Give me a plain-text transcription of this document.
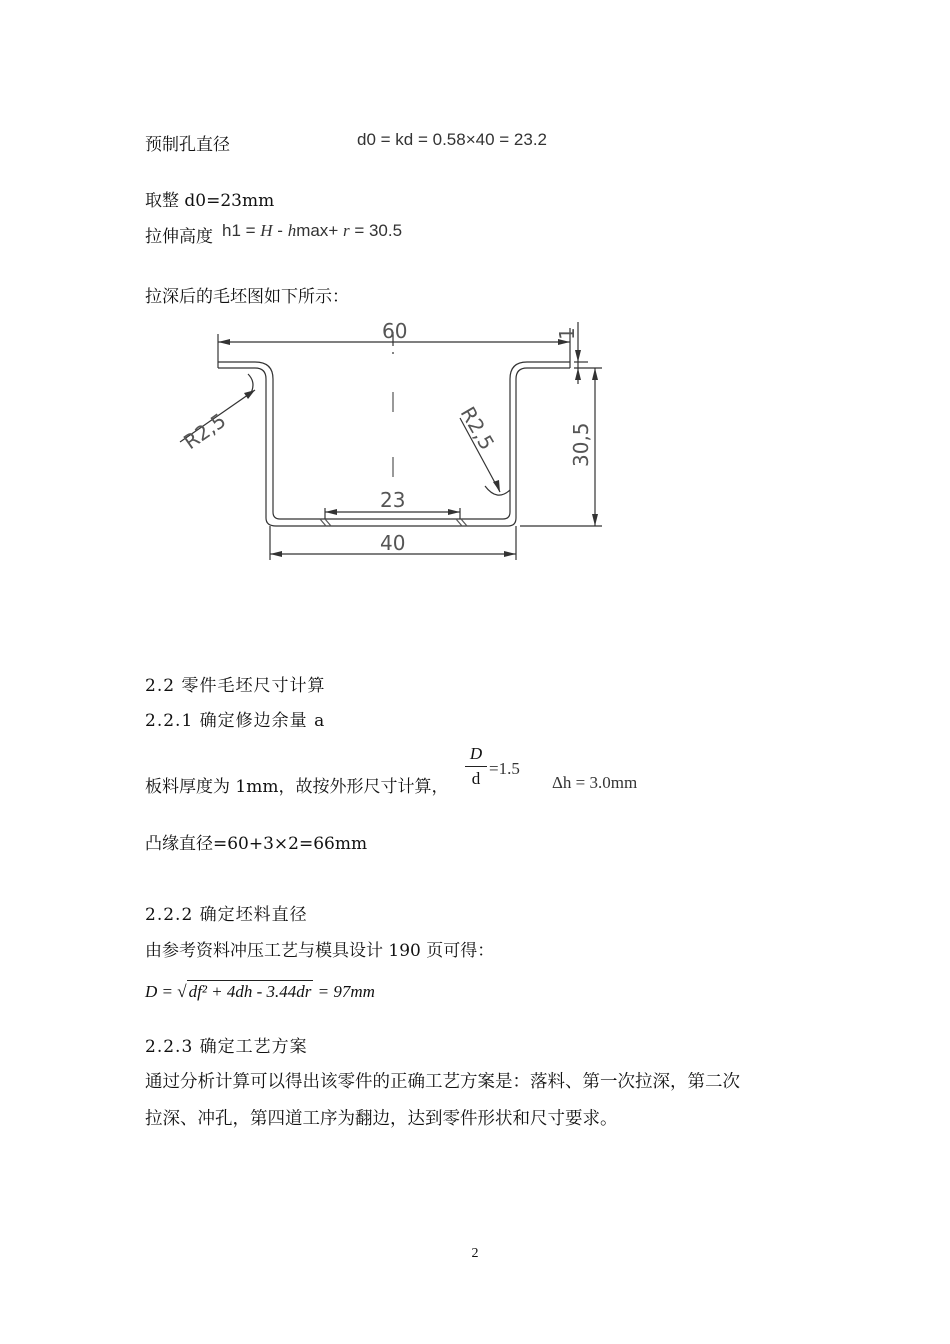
预制孔直径	d0 = kd = 0.58×40 = 23.2
取整 d0=23mm
拉伸高度 h1 = H - hmax+ r = 30.5
拉深后的毛坯图如下所示：
60
23
40
30,5
1
R2,5	R2,5
2.2 零件毛坯尺寸计算
2.2.1 确定修边余量 a
板料厚度为 1mm，故按外形尺寸计算，
D
d
=1.5
Δh = 3.0mm
凸缘直径=60+3×2=66mm
2.2.2 确定坯料直径
由参考资料冲压工艺与模具设计 190 页可得：
D = √ df² + 4dh - 3.44dr = 97mm
2.2.3 确定工艺方案
通过分析计算可以得出该零件的正确工艺方案是：落料、第一次拉深，第二次
拉深、冲孔，第四道工序为翻边，达到零件形状和尺寸要求。
2
